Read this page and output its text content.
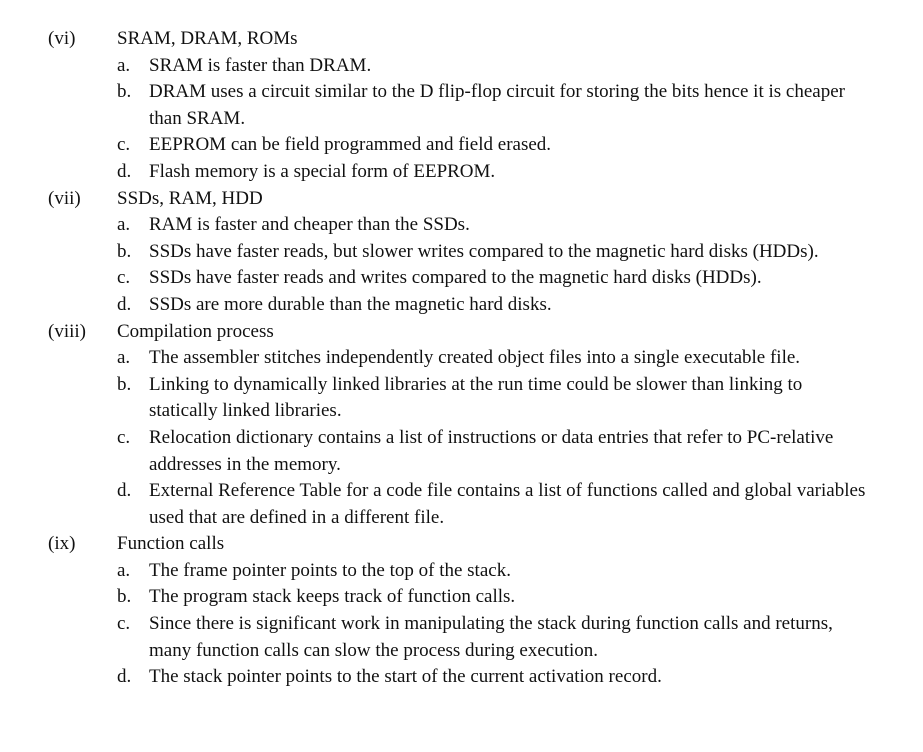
(vi) SRAM, DRAM, ROMs
a. SRAM is faster than DRAM.
b. DRAM uses a circuit similar to the D flip-flop circuit for storing the bits hence it is cheaper than SRAM.
c. EEPROM can be field programmed and field erased.
d. Flash memory is a special form of EEPROM.
(vii) SSDs, RAM, HDD
a. RAM is faster and cheaper than the SSDs.
b. SSDs have faster reads, but slower writes compared to the magnetic hard disks (HDDs).
c. SSDs have faster reads and writes compared to the magnetic hard disks (HDDs).
d. SSDs are more durable than the magnetic hard disks.
(viii) Compilation process
a. The assembler stitches independently created object files into a single executable file.
b. Linking to dynamically linked libraries at the run time could be slower than linking to statically linked libraries.
c. Relocation dictionary contains a list of instructions or data entries that refer to PC-relative addresses in the memory.
d. External Reference Table for a code file contains a list of functions called and global variables used that are defined in a different file.
(ix) Function calls
a. The frame pointer points to the top of the stack.
b. The program stack keeps track of function calls.
c. Since there is significant work in manipulating the stack during function calls and returns, many function calls can slow the process during execution.
d. The stack pointer points to the start of the current activation record.
